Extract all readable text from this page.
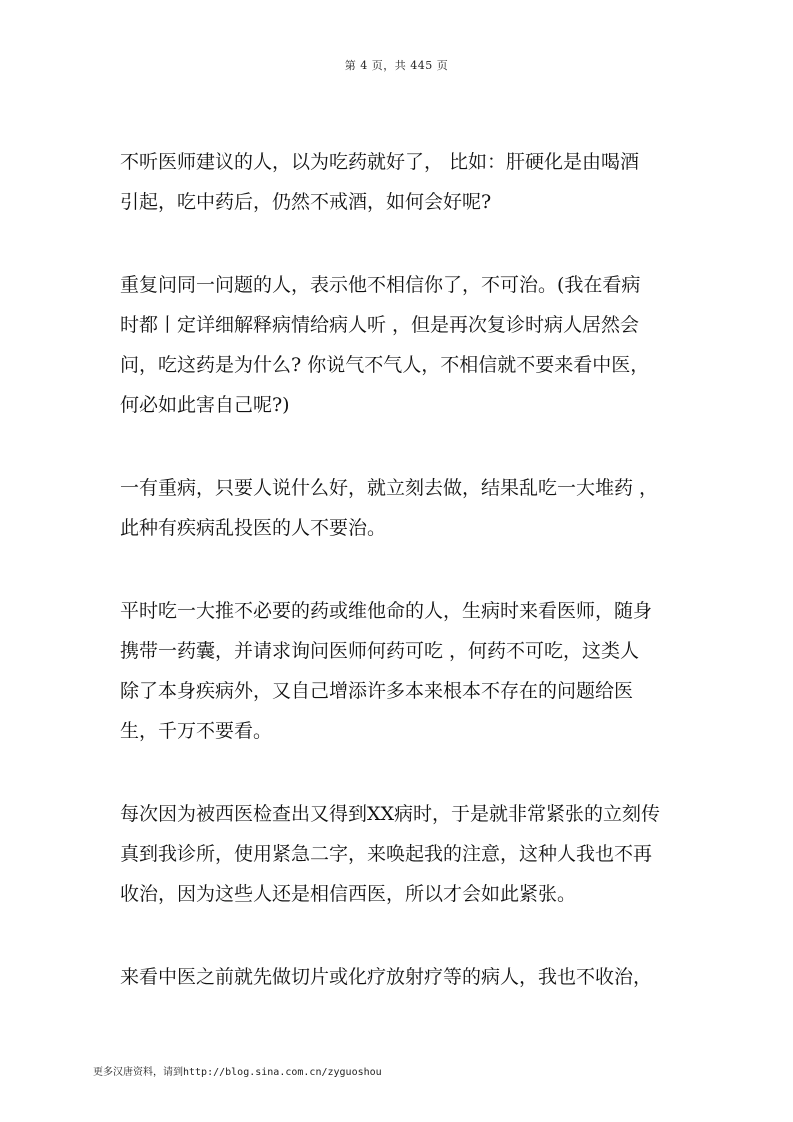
第 4 页，共 445 页

不听医师建议的人，以为吃药就好了， 比如：肝硬化是由喝酒
引起，吃中药后，仍然不戒酒，如何会好呢?

重复问同一问题的人，表示他不相信你了，不可治。(我在看病
时都丨定详细解释病情给病人听 ，但是再次复诊时病人居然会
问，吃这药是为什么? 你说气不气人，不相信就不要来看中医，
何必如此害自己呢?)

一有重病，只要人说什么好，就立刻去做，结果乱吃一大堆药 ，
此种有疾病乱投医的人不要治。

平时吃一大推不必要的药或维他命的人，生病时来看医师，随身
携带一药囊，并请求询问医师何药可吃 ，何药不可吃，这类人
除了本身疾病外，又自己增添许多本来根本不存在的问题给医
生，千万不要看。

每次因为被西医检查出又得到XX病时，于是就非常紧张的立刻传
真到我诊所，使用紧急二字，来唤起我的注意，这种人我也不再
收治，因为这些人还是相信西医，所以才会如此紧张。

来看中医之前就先做切片或化疗放射疗等的病人，我也不收治，

更多汉唐资料，请到http://blog.sina.com.cn/zyguoshou
